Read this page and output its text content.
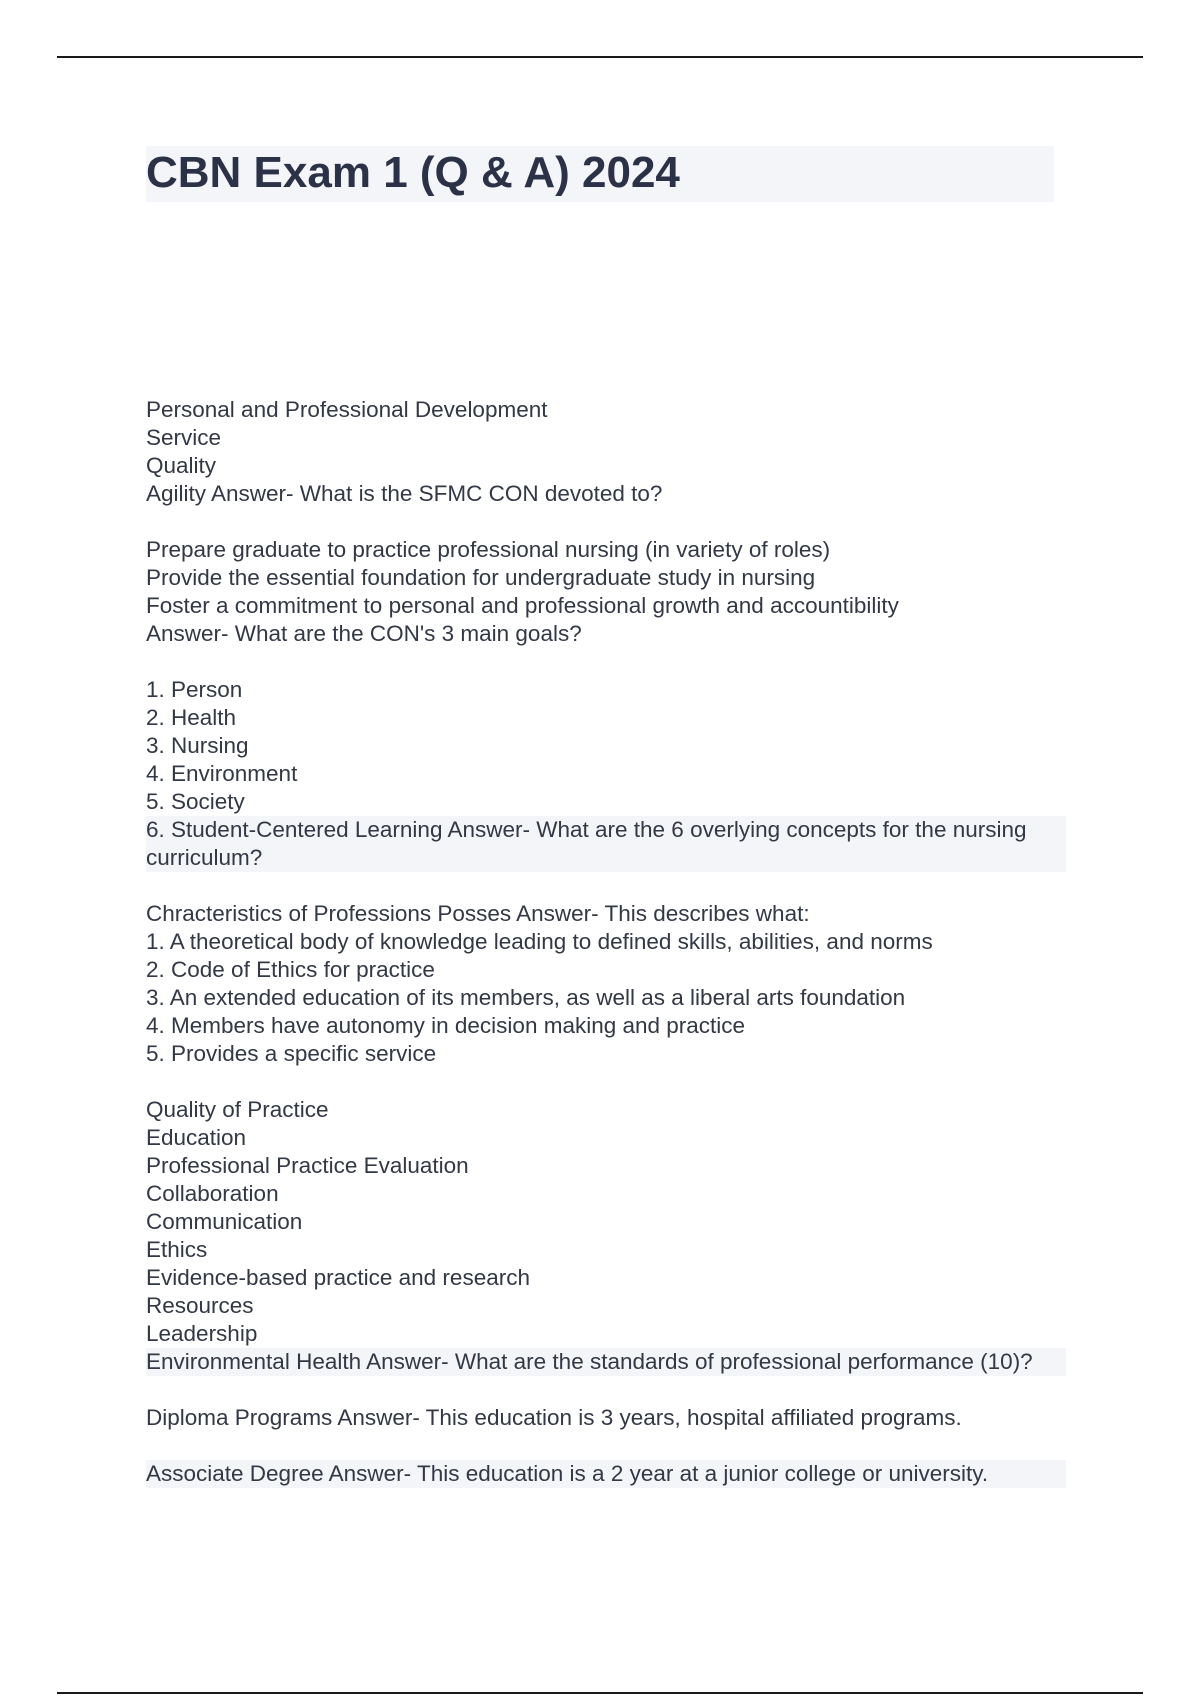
CBN Exam 1 (Q & A) 2024
Personal and Professional Development
Service
Quality
Agility Answer- What is the SFMC CON devoted to?
Prepare graduate to practice professional nursing (in variety of roles)
Provide the essential foundation for undergraduate study in nursing
Foster a commitment to personal and professional growth and accountibility
Answer- What are the CON's 3 main goals?
1. Person
2. Health
3. Nursing
4. Environment
5. Society
6. Student-Centered Learning Answer- What are the 6 overlying concepts for the nursing curriculum?
Chracteristics of Professions Posses Answer- This describes what:
1. A theoretical body of knowledge leading to defined skills, abilities, and norms
2. Code of Ethics for practice
3. An extended education of its members, as well as a liberal arts foundation
4. Members have autonomy in decision making and practice
5. Provides a specific service
Quality of Practice
Education
Professional Practice Evaluation
Collaboration
Communication
Ethics
Evidence-based practice and research
Resources
Leadership
Environmental Health Answer- What are the standards of professional performance (10)?
Diploma Programs Answer- This education is 3 years, hospital affiliated programs.
Associate Degree Answer- This education is a 2 year at a junior college or university.
